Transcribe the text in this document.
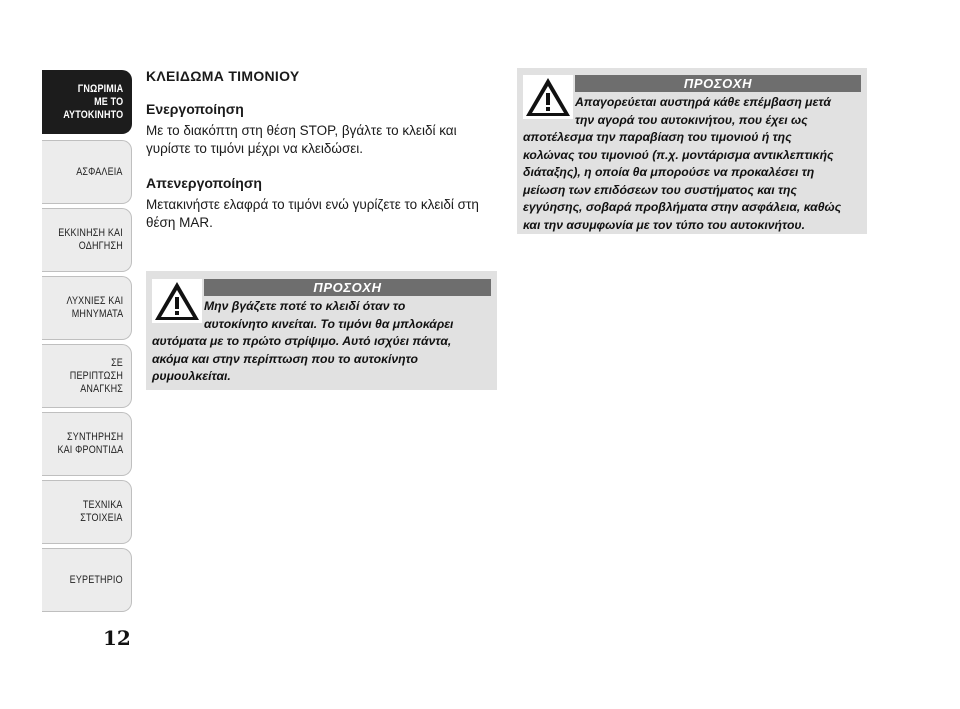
ΓΝΩΡΙΜΙΑ
ΜΕ ΤΟ
ΑΥΤΟΚΙΝΗΤΟ
ΑΣΦΑΛΕΙΑ
ΕΚΚΙΝΗΣΗ ΚΑΙ
ΟΔΗΓΗΣΗ
ΛΥΧΝΙΕΣ ΚΑΙ
ΜΗΝΥΜΑΤΑ
ΣΕ ΠΕΡΙΠΤΩΣΗ
ΑΝΑΓΚΗΣ
ΣΥΝΤΗΡΗΣΗ
ΚΑΙ ΦΡΟΝΤΙΔΑ
ΤΕΧΝΙΚΑ
ΣΤΟΙΧΕΙΑ
ΕΥΡΕΤΗΡΙΟ
12
ΚΛΕΙΔΩΜΑ ΤΙΜΟΝΙΟΥ
Ενεργοποίηση

Με το διακόπτη στη θέση STOP, βγάλτε το κλειδί και γυρίστε το τιμόνι μέχρι να κλειδώσει.

Απενεργοποίηση

Μετακινήστε ελαφρά το τιμόνι ενώ γυρίζετε το κλειδί στη θέση MAR.

ΠΡΟΣΟΧΗ
Μην βγάζετε ποτέ το κλειδί όταν το
αυτοκίνητο κινείται. Το τιμόνι θα μπλοκάρει
αυτόματα με το πρώτο στρίψιμο. Αυτό ισχύει πάντα,
ακόμα και στην περίπτωση που το αυτοκίνητο
ρυμουλκείται.
ΠΡΟΣΟΧΗ
Απαγορεύεται αυστηρά κάθε επέμβαση μετά
την αγορά του αυτοκινήτου, που έχει ως
αποτέλεσμα την παραβίαση του τιμονιού ή της
κολώνας του τιμονιού (π.χ. μοντάρισμα αντικλεπτικής
διάταξης), η οποία θα μπορούσε να προκαλέσει τη
μείωση των επιδόσεων του συστήματος και της
εγγύησης, σοβαρά προβλήματα στην ασφάλεια, καθώς
και την ασυμφωνία με τον τύπο του αυτοκινήτου.
